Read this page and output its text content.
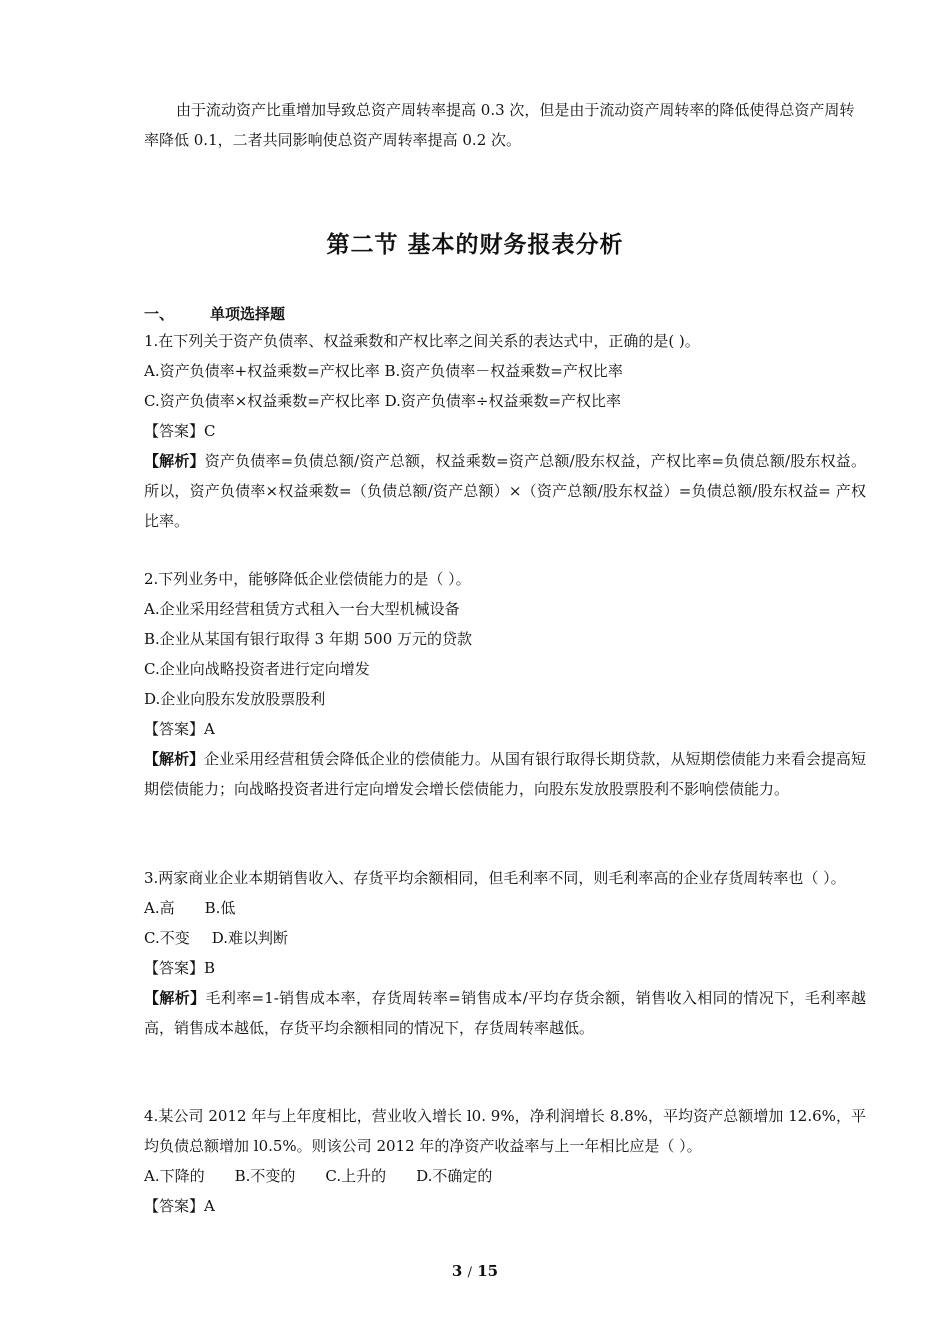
由于流动资产比重增加导致总资产周转率提高 0.3 次，但是由于流动资产周转率的降低使得总资产周转率降低 0.1，二者共同影响使总资产周转率提高 0.2 次。

第二节 基本的财务报表分析
一、 单项选择题
1.在下列关于资产负债率、权益乘数和产权比率之间关系的表达式中，正确的是( )。
A.资产负债率+权益乘数=产权比率 B.资产负债率－权益乘数=产权比率
C.资产负债率×权益乘数=产权比率 D.资产负债率÷权益乘数=产权比率
【答案】C
【解析】资产负债率=负债总额/资产总额，权益乘数=资产总额/股东权益，产权比率=负债总额/股东权益。所以，资产负债率×权益乘数=（负债总额/资产总额）×（资产总额/股东权益）=负债总额/股东权益= 产权比率。
2.下列业务中，能够降低企业偿债能力的是（ ）。
A.企业采用经营租赁方式租入一台大型机械设备
B.企业从某国有银行取得 3 年期 500 万元的贷款
C.企业向战略投资者进行定向增发
D.企业向股东发放股票股利
【答案】A
【解析】企业采用经营租赁会降低企业的偿债能力。从国有银行取得长期贷款，从短期偿债能力来看会提高短期偿债能力；向战略投资者进行定向增发会增长偿债能力，向股东发放股票股利不影响偿债能力。
3.两家商业企业本期销售收入、存货平均余额相同，但毛利率不同，则毛利率高的企业存货周转率也（ ）。
A.高 B.低
C.不变 D.难以判断
【答案】B
【解析】毛利率=1-销售成本率，存货周转率=销售成本/平均存货余额，销售收入相同的情况下，毛利率越高，销售成本越低，存货平均余额相同的情况下，存货周转率越低。
4.某公司 2012 年与上年度相比，营业收入增长 l0. 9%，净利润增长 8.8%，平均资产总额增加 12.6%，平均负债总额增加 l0.5%。则该公司 2012 年的净资产收益率与上一年相比应是（ ）。
A.下降的 B.不变的 C.上升的 D.不确定的
【答案】A
3 / 15
